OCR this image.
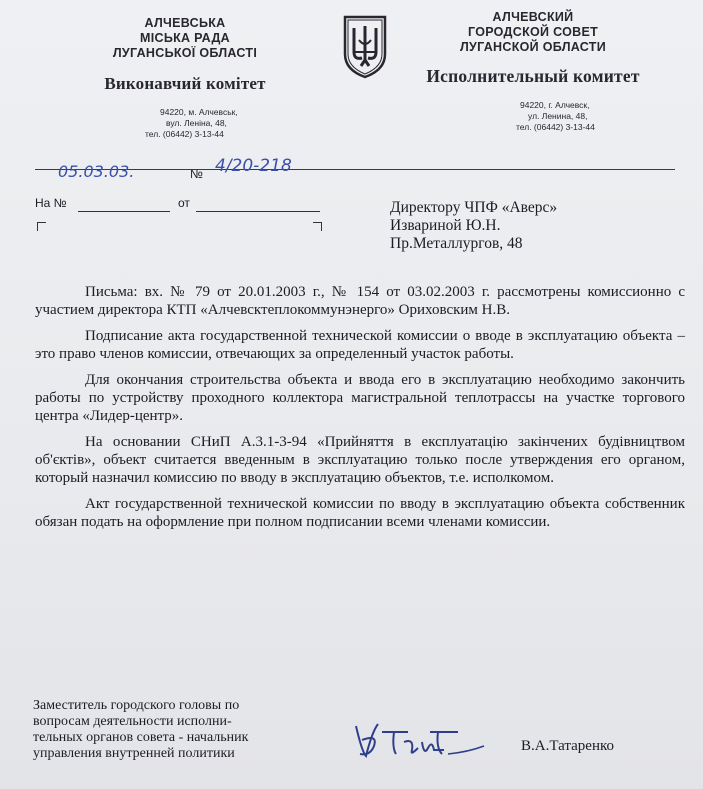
АЛЧЕВСЬКА
МІСЬКА РАДА
ЛУГАНСЬКОЇ ОБЛАСТІ
Виконавчий комітет
94220, м. Алчевськ,
вул. Леніна, 48,
тел. (06442) 3-13-44
АЛЧЕВСКИЙ
ГОРОДСКОЙ СОВЕТ
ЛУГАНСКОЙ ОБЛАСТИ
Исполнительный комитет
94220, г. Алчевск,
ул. Ленина, 48,
тел. (06442) 3-13-44
05.03.03.	№ 4/20-218
На №	от	Директору ЧПФ «Аверс»
Извариной Ю.Н.
Пр.Металлургов, 48

Письма: вх. № 79 от 20.01.2003 г., № 154 от 03.02.2003 г. рассмотрены комиссионно с участием директора КТП «Алчевсктеплокоммунэнерго» Ориховским Н.В.

Подписание акта государственной технической комиссии о вводе в эксплуатацию объекта – это право членов комиссии, отвечающих за определенный участок работы.

Для окончания строительства объекта и ввода его в эксплуатацию необходимо закончить работы по устройству проходного коллектора магистральной теплотрассы на участке торгового центра «Лидер-центр».

На основании СНиП А.3.1-3-94 «Прийняття в експлуатацію закінчених будівництвом об'єктів», объект считается введенным в эксплуатацию только после утверждения его органом, который назначил комиссию по вводу в эксплуатацию объектов, т.е. исполкомом.

Акт государственной технической комиссии по вводу в эксплуатацию объекта собственник обязан подать на оформление при полном подписании всеми членами комиссии.

Заместитель городского головы по
вопросам деятельности исполни-
тельных органов совета - начальник
управления внутренней политики	В.А.Татаренко
